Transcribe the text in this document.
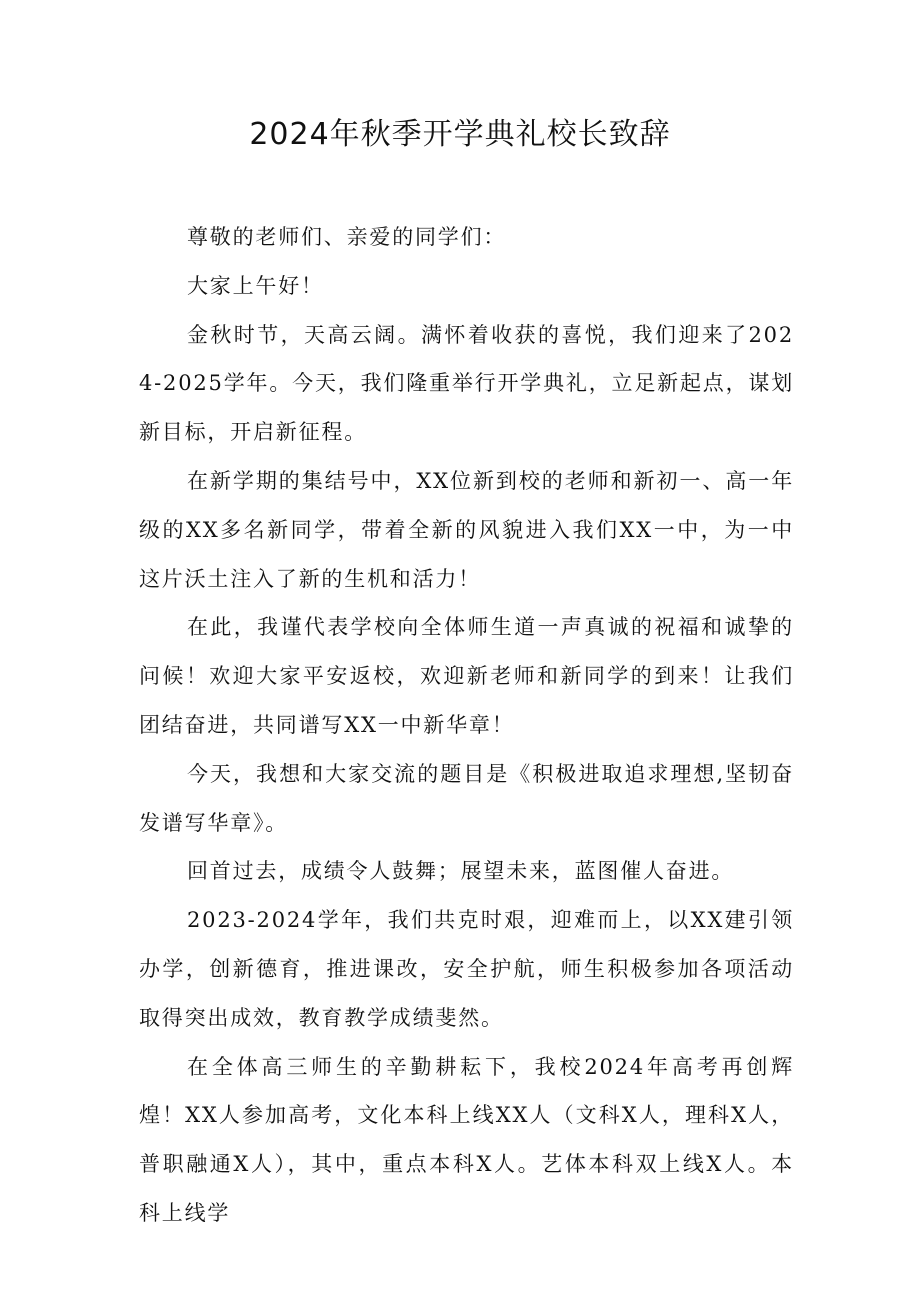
2024年秋季开学典礼校长致辞

尊敬的老师们、亲爱的同学们：

大家上午好！

金秋时节，天高云阔。满怀着收获的喜悦，我们迎来了2024-2025学年。今天，我们隆重举行开学典礼，立足新起点，谋划新目标，开启新征程。

在新学期的集结号中，XX位新到校的老师和新初一、高一年级的XX多名新同学，带着全新的风貌进入我们XX一中，为一中这片沃土注入了新的生机和活力！

在此，我谨代表学校向全体师生道一声真诚的祝福和诚挚的问候！欢迎大家平安返校，欢迎新老师和新同学的到来！让我们团结奋进，共同谱写XX一中新华章！

今天，我想和大家交流的题目是《积极进取追求理想,坚韧奋发谱写华章》。

回首过去，成绩令人鼓舞；展望未来，蓝图催人奋进。

2023-2024学年，我们共克时艰，迎难而上，以XX建引领办学，创新德育，推进课改，安全护航，师生积极参加各项活动取得突出成效，教育教学成绩斐然。

在全体高三师生的辛勤耕耘下，我校2024年高考再创辉煌！XX人参加高考，文化本科上线XX人（文科X人，理科X人，普职融通X人），其中，重点本科X人。艺体本科双上线X人。本科上线学
